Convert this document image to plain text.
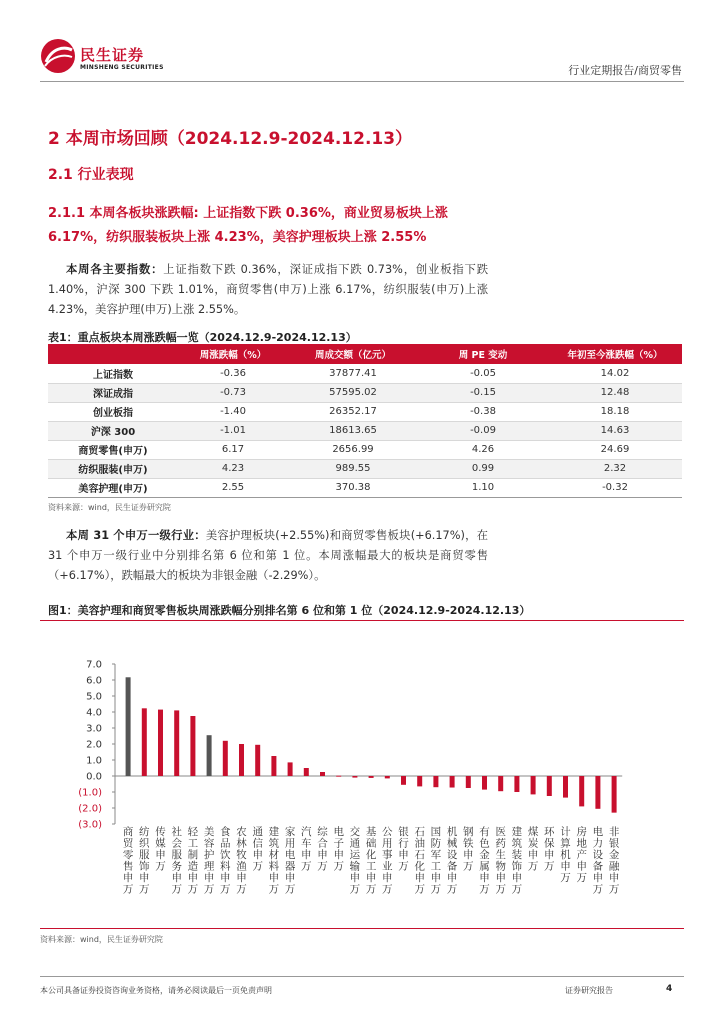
民生证券
MINSHENG SECURITIES	行业定期报告/商贸零售
2 本周市场回顾（2024.12.9-2024.12.13）
2.1 行业表现
2.1.1 本周各板块涨跌幅: 上证指数下跌 0.36%，商业贸易板块上涨 6.17%，纺织服装板块上涨 4.23%，美容护理板块上涨 2.55%
本周各主要指数：上证指数下跌 0.36%，深证成指下跌 0.73%，创业板指下跌 1.40%，沪深 300 下跌 1.01%，商贸零售(申万)上涨 6.17%，纺织服装(申万)上涨 4.23%，美容护理(申万)上涨 2.55%。
表1：重点板块本周涨跌幅一览（2024.12.9-2024.12.13）
	周涨跌幅（%）	周成交额（亿元）	周 PE 变动	年初至今涨跌幅（%）
上证指数	-0.36	37877.41	-0.05	14.02
深证成指	-0.73	57595.02	-0.15	12.48
创业板指	-1.40	26352.17	-0.38	18.18
沪深 300	-1.01	18613.65	-0.09	14.63
商贸零售(申万)	6.17	2656.99	4.26	24.69
纺织服装(申万)	4.23	989.55	0.99	2.32
美容护理(申万)	2.55	370.38	1.10	-0.32
资料来源：wind，民生证券研究院
本周 31 个申万一级行业：美容护理板块(+2.55%)和商贸零售板块(+6.17%)，在 31 个申万一级行业中分别排名第 6 位和第 1 位。本周涨幅最大的板块是商贸零售（+6.17%），跌幅最大的板块为非银金融（-2.29%）。
图1：美容护理和商贸零售板块周涨跌幅分别排名第 6 位和第 1 位（2024.12.9-2024.12.13）
7.0
6.0
5.0
4.0
3.0
2.0
1.0
0.0
(1.0)
(2.0)
(3.0)
商贸零售申万
纺织服饰申万
传媒申万
社会服务申万
轻工制造申万
美容护理申万
食品饮料申万
农林牧渔申万
通信申万
建筑材料申万
家用电器申万
汽车申万
综合申万
电子申万
交通运输申万
基础化工申万
公用事业申万
银行申万
石油石化申万
国防军工申万
机械设备申万
钢铁申万
有色金属申万
医药生物申万
建筑装饰申万
煤炭申万
环保申万
计算机申万
房地产申万
电力设备申万
非银金融申万
资料来源：wind，民生证券研究院
本公司具备证券投资咨询业务资格，请务必阅读最后一页免责声明	证券研究报告	4
